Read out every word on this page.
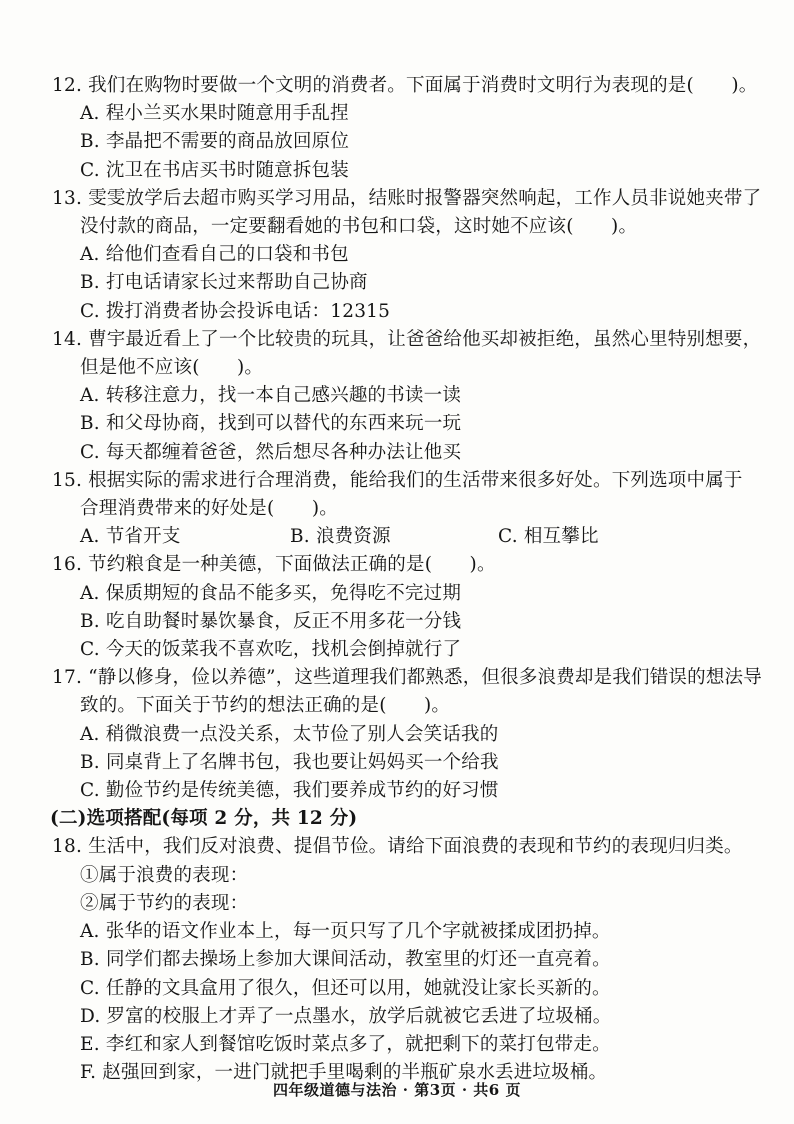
12. 我们在购物时要做一个文明的消费者。下面属于消费时文明行为表现的是(　　)。
A. 程小兰买水果时随意用手乱捏
B. 李晶把不需要的商品放回原位
C. 沈卫在书店买书时随意拆包装
13. 雯雯放学后去超市购买学习用品，结账时报警器突然响起，工作人员非说她夹带了
没付款的商品，一定要翻看她的书包和口袋，这时她不应该(　　)。
A. 给他们查看自己的口袋和书包
B. 打电话请家长过来帮助自己协商
C. 拨打消费者协会投诉电话：12315
14. 曹宇最近看上了一个比较贵的玩具，让爸爸给他买却被拒绝，虽然心里特别想要，
但是他不应该(　　)。
A. 转移注意力，找一本自己感兴趣的书读一读
B. 和父母协商，找到可以替代的东西来玩一玩
C. 每天都缠着爸爸，然后想尽各种办法让他买
15. 根据实际的需求进行合理消费，能给我们的生活带来很多好处。下列选项中属于
合理消费带来的好处是(　　)。
A. 节省开支	B. 浪费资源	C. 相互攀比
16. 节约粮食是一种美德，下面做法正确的是(　　)。
A. 保质期短的食品不能多买，免得吃不完过期
B. 吃自助餐时暴饮暴食，反正不用多花一分钱
C. 今天的饭菜我不喜欢吃，找机会倒掉就行了
17. “静以修身，俭以养德”，这些道理我们都熟悉，但很多浪费却是我们错误的想法导
致的。下面关于节约的想法正确的是(　　)。
A. 稍微浪费一点没关系，太节俭了别人会笑话我的
B. 同桌背上了名牌书包，我也要让妈妈买一个给我
C. 勤俭节约是传统美德，我们要养成节约的好习惯
(二)选项搭配(每项 2 分，共 12 分)
18. 生活中，我们反对浪费、提倡节俭。请给下面浪费的表现和节约的表现归归类。
①属于浪费的表现：
②属于节约的表现：
A. 张华的语文作业本上，每一页只写了几个字就被揉成团扔掉。
B. 同学们都去操场上参加大课间活动，教室里的灯还一直亮着。
C. 任静的文具盒用了很久，但还可以用，她就没让家长买新的。
D. 罗富的校服上才弄了一点墨水，放学后就被它丢进了垃圾桶。
E. 李红和家人到餐馆吃饭时菜点多了，就把剩下的菜打包带走。
F. 赵强回到家，一进门就把手里喝剩的半瓶矿泉水丢进垃圾桶。
四年级道德与法治 · 第3页 · 共6 页
